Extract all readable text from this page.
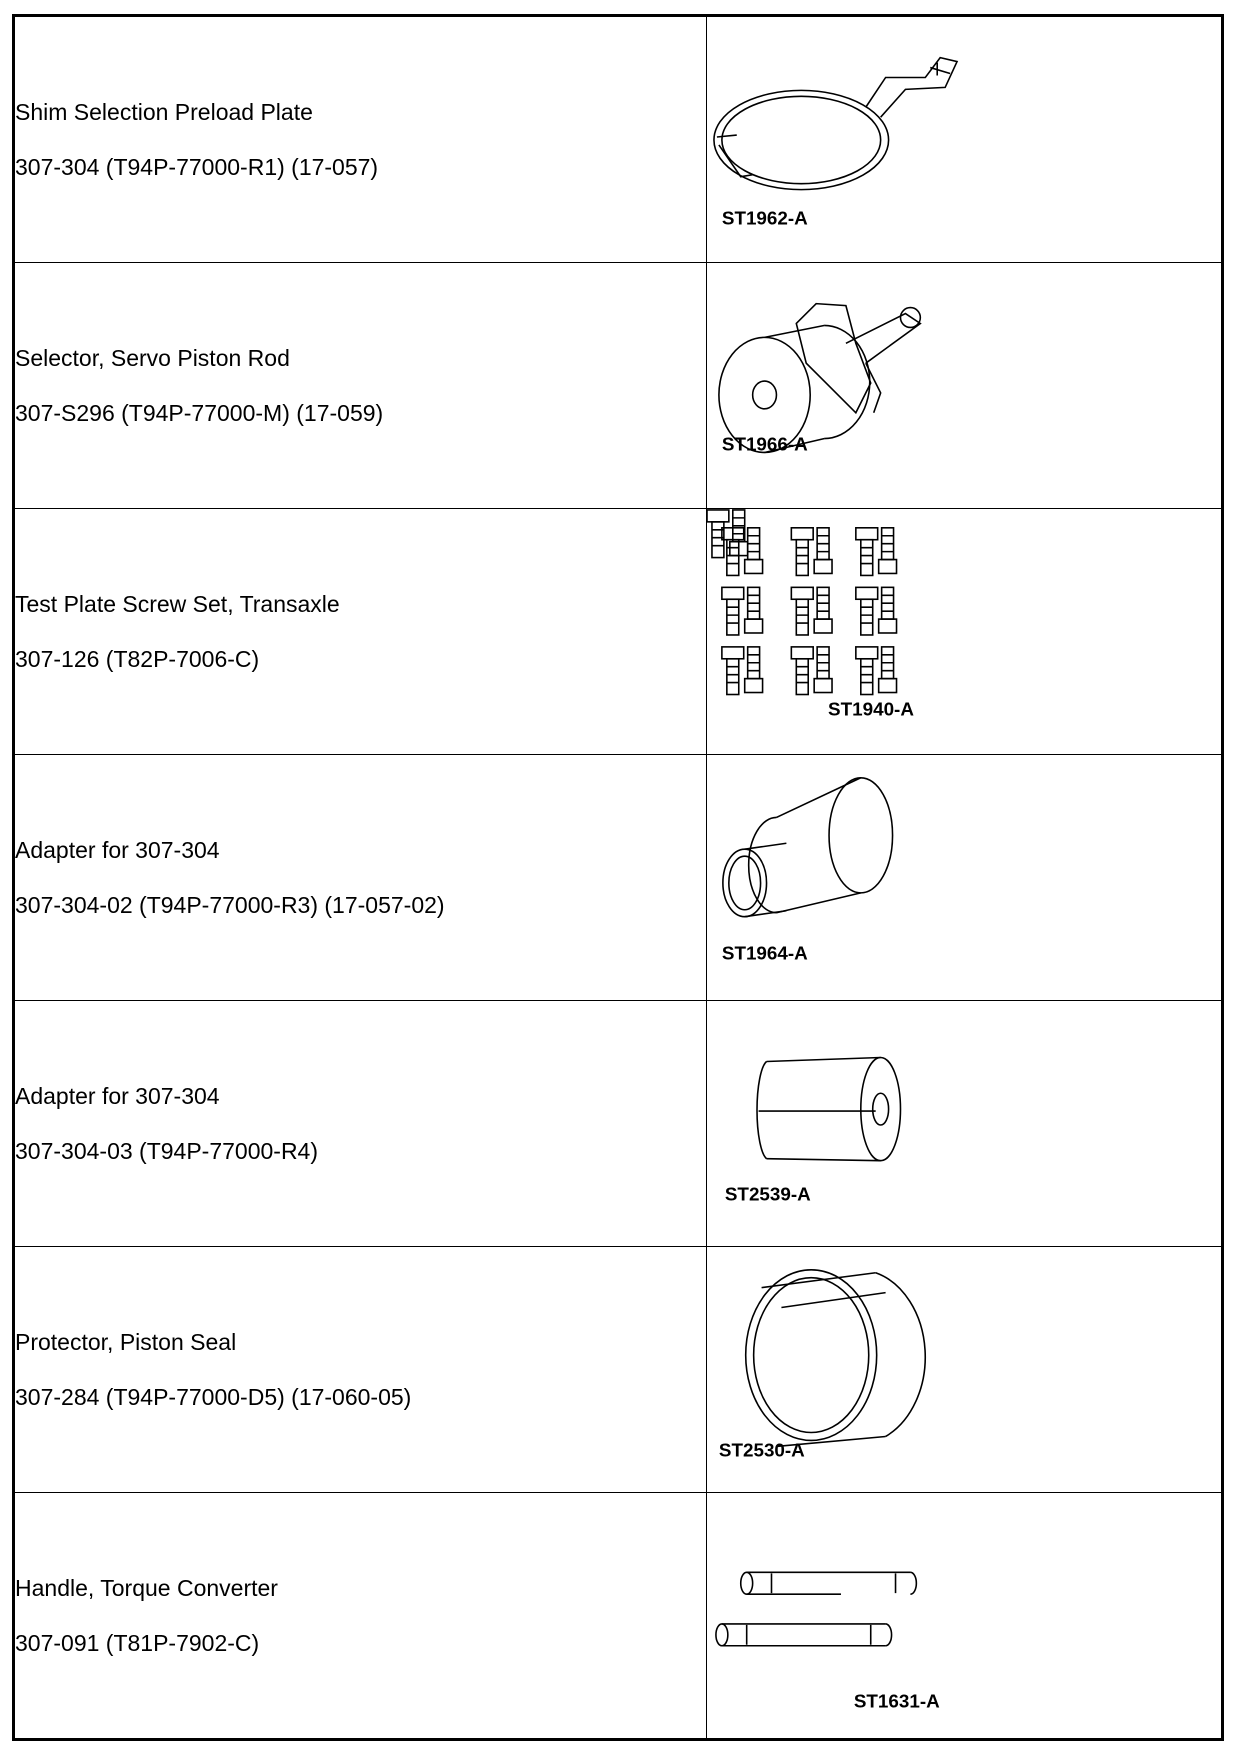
Shim Selection Preload Plate

307-304 (T94P-77000-R1) (17-057)	ST1962-A

Selector, Servo Piston Rod

307-S296 (T94P-77000-M) (17-059)	ST1966-A

Test Plate Screw Set, Transaxle

307-126 (T82P-7006-C)	ST1940-A

Adapter for 307-304

307-304-02 (T94P-77000-R3) (17-057-02)	ST1964-A

Adapter for 307-304

307-304-03 (T94P-77000-R4)	ST2539-A

Protector, Piston Seal

307-284 (T94P-77000-D5) (17-060-05)	ST2530-A

Handle, Torque Converter

307-091 (T81P-7902-C)	ST1631-A
